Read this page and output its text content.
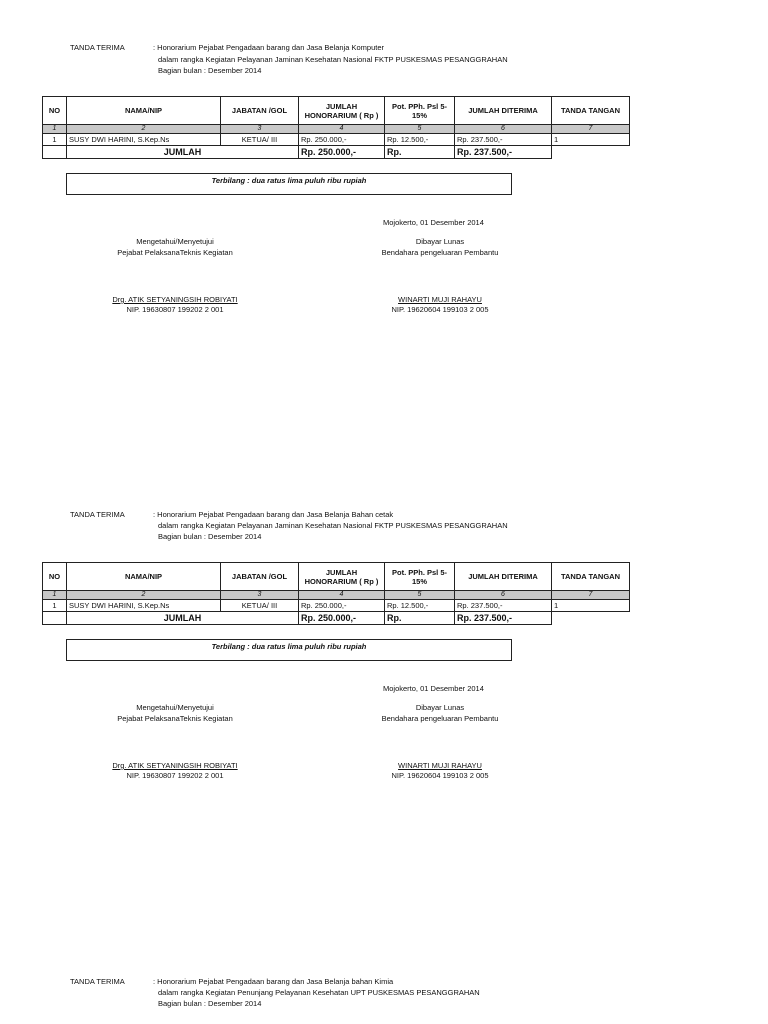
TANDA TERIMA	: Honorarium Pejabat Pengadaan barang dan Jasa Belanja Komputer
dalam rangka Kegiatan Pelayanan Jaminan Kesehatan Nasional FKTP PUSKESMAS PESANGGRAHAN
Bagian bulan : Desember 2014
NO	NAMA/NIP	JABATAN /GOL	JUMLAH HONORARIUM ( Rp )	Pot. PPh. Psl 5-15%	JUMLAH DITERIMA	TANDA TANGAN
1	2	3	4	5	6	7
1	SUSY DWI HARINI, S.Kep.Ns	KETUA/ III	Rp. 250.000,-	Rp. 12.500,-	Rp. 237.500,-	1
	JUMLAH		Rp. 250.000,-	Rp.	Rp. 237.500,-	
Terbilang : dua ratus lima puluh ribu rupiah
Mojokerto, 01 Desember 2014
Mengetahui/Menyetujui
Pejabat PelaksanaTeknis Kegiatan
Drg. ATIK SETYANINGSIH ROBIYATI
NIP. 19630807 199202 2 001
Dibayar Lunas
Bendahara pengeluaran Pembantu
WINARTI MUJI RAHAYU
NIP. 19620604 199103 2 005
TANDA TERIMA	: Honorarium Pejabat Pengadaan barang dan Jasa Belanja Bahan cetak
dalam rangka Kegiatan Pelayanan Jaminan Kesehatan Nasional FKTP PUSKESMAS PESANGGRAHAN
Bagian bulan : Desember 2014
NO	NAMA/NIP	JABATAN /GOL	JUMLAH HONORARIUM ( Rp )	Pot. PPh. Psl 5-15%	JUMLAH DITERIMA	TANDA TANGAN
1	2	3	4	5	6	7
1	SUSY DWI HARINI, S.Kep.Ns	KETUA/ III	Rp. 250.000,-	Rp. 12.500,-	Rp. 237.500,-	1
	JUMLAH		Rp. 250.000,-	Rp.	Rp. 237.500,-	
Terbilang : dua ratus lima puluh ribu rupiah
Mojokerto, 01 Desember 2014
Mengetahui/Menyetujui
Pejabat PelaksanaTeknis Kegiatan
Drg. ATIK SETYANINGSIH ROBIYATI
NIP. 19630807 199202 2 001
Dibayar Lunas
Bendahara pengeluaran Pembantu
WINARTI MUJI RAHAYU
NIP. 19620604 199103 2 005
TANDA TERIMA	: Honorarium Pejabat Pengadaan barang dan Jasa Belanja bahan Kimia
dalam rangka Kegiatan Penunjang Pelayanan Kesehatan UPT PUSKESMAS PESANGGRAHAN
Bagian bulan : Desember 2014
